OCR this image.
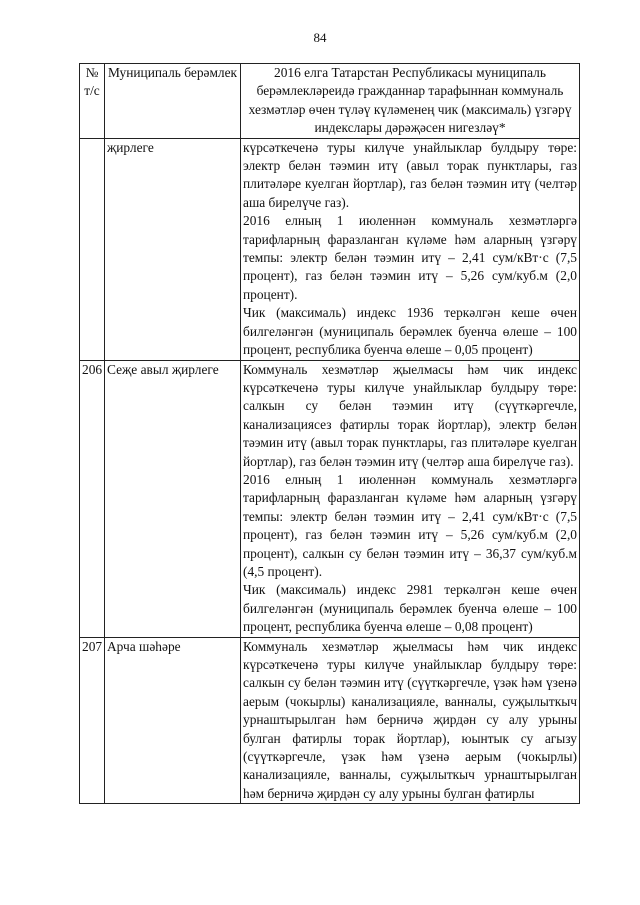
84
№ т/с	Муниципаль берәмлек	2016 елга Татарстан Республикасы муниципаль берәмлекләреидә гражданнар тарафыннан коммуналь хезмәтләр өчен түләү күләменең чик (максималь) үзгәрү индекслары дәрәҗәсен нигезләү*
	җирлеге	күрсәткеченә туры килүче унайлыклар булдыру төре: электр белән тәэмин итү (авыл торак пунктлары, газ плитәләре куелган йортлар), газ белән тәэмин итү (челтәр аша бирелүче газ).

2016 елның 1 июленнән коммуналь хезмәтләргә тарифларның фаразланган күләме һәм аларның үзгәрү темпы: электр белән тәэмин итү – 2,41 сум/кВт·с (7,5 процент), газ белән тәэмин итү – 5,26 сум/куб.м (2,0 процент).

Чик (максималь) индекс 1936 теркәлгән кеше өчен билгеләнгән (муниципаль берәмлек буенча өлеше – 100 процент, республика буенча өлеше – 0,05 процент)

206	Сеҗе авыл җирлеге	Коммуналь хезмәтләр җыелмасы һәм чик индекс күрсәткеченә туры килүче унайлыклар булдыру төре: салкын су белән тәэмин итү (сүүткәргечле, канализациясез фатирлы торак йортлар), электр белән тәэмин итү (авыл торак пунктлары, газ плитәләре куелган йортлар), газ белән тәэмин итү (челтәр аша бирелүче газ).

2016 елның 1 июленнән коммуналь хезмәтләргә тарифларның фаразланган күләме һәм аларның үзгәрү темпы: электр белән тәэмин итү – 2,41 сум/кВт·с (7,5 процент), газ белән тәэмин итү – 5,26 сум/куб.м (2,0 процент), салкын су белән тәэмин итү – 36,37 сум/куб.м (4,5 процент).

Чик (максималь) индекс 2981 теркәлгән кеше өчен билгеләнгән (муниципаль берәмлек буенча өлеше – 100 процент, республика буенча өлеше – 0,08 процент)

207	Арча шәһәре	Коммуналь хезмәтләр җыелмасы һәм чик индекс күрсәткеченә туры килүче унайлыклар булдыру төре: салкын су белән тәэмин итү (сүүткәргечле, үзәк һәм үзенә аерым (чокырлы) канализацияле, ванналы, суҗылыткыч урнаштырылган һәм берничә җирдән су алу урыны булган фатирлы торак йортлар), юынтык су агызу (сүүткәргечле, үзәк һәм үзенә аерым (чокырлы) канализацияле, ванналы, суҗылыткыч урнаштырылган һәм берничә җирдән су алу урыны булган фатирлы
